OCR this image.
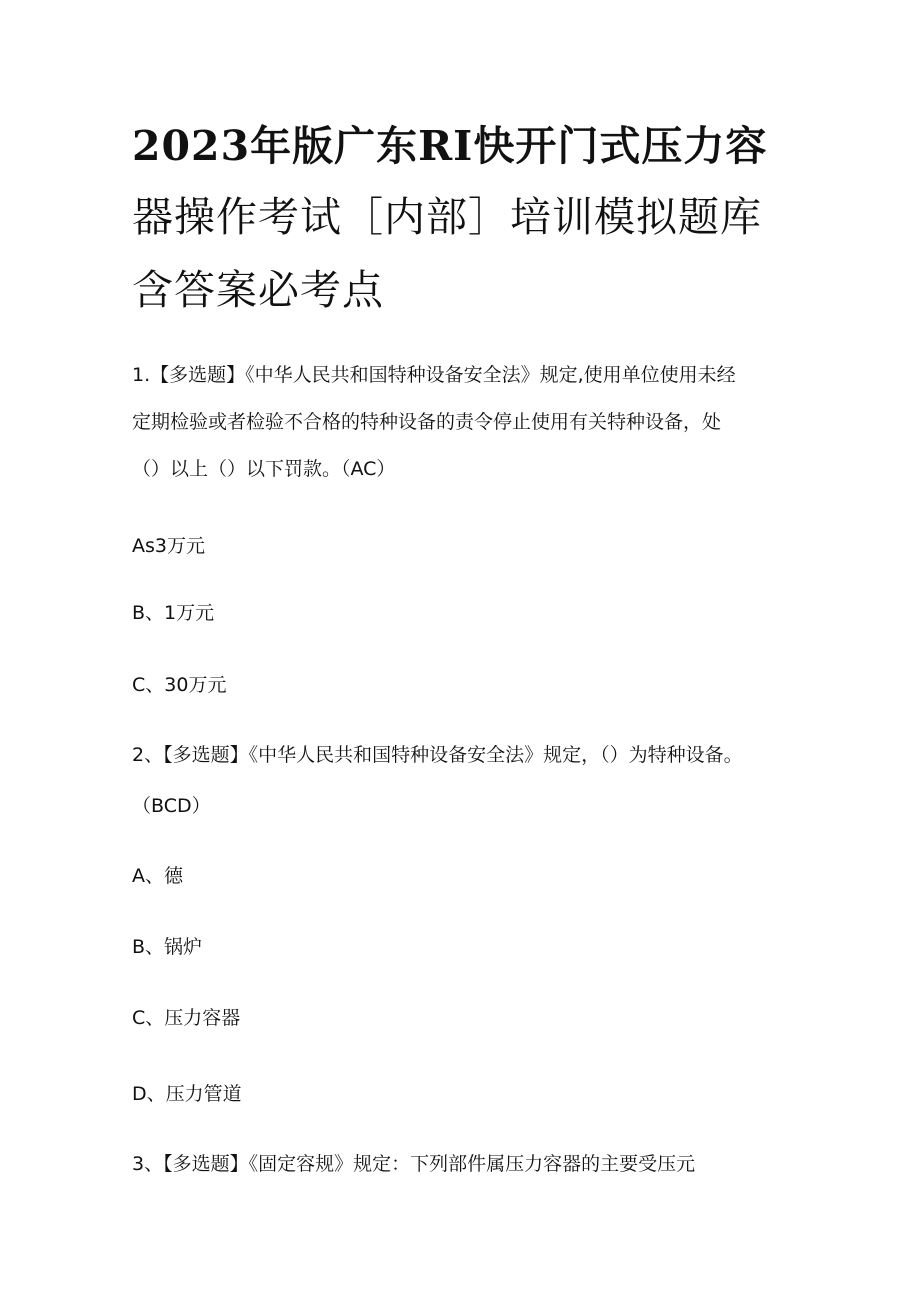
2023年版广东RI快开门式压力容
器操作考试［内部］培训模拟题库
含答案必考点
1.【多选题】《中华人民共和国特种设备安全法》规定,使用单位使用未经
定期检验或者检验不合格的特种设备的责令停止使用有关特种设备，处
（）以上（）以下罚款。（AC）
As3万元
B、1万元
C、30万元
2、【多选题】《中华人民共和国特种设备安全法》规定，（）为特种设备。
（BCD）
A、德
B、锅炉
C、压力容器
D、压力管道
3、【多选题】《固定容规》规定：下列部件属压力容器的主要受压元
